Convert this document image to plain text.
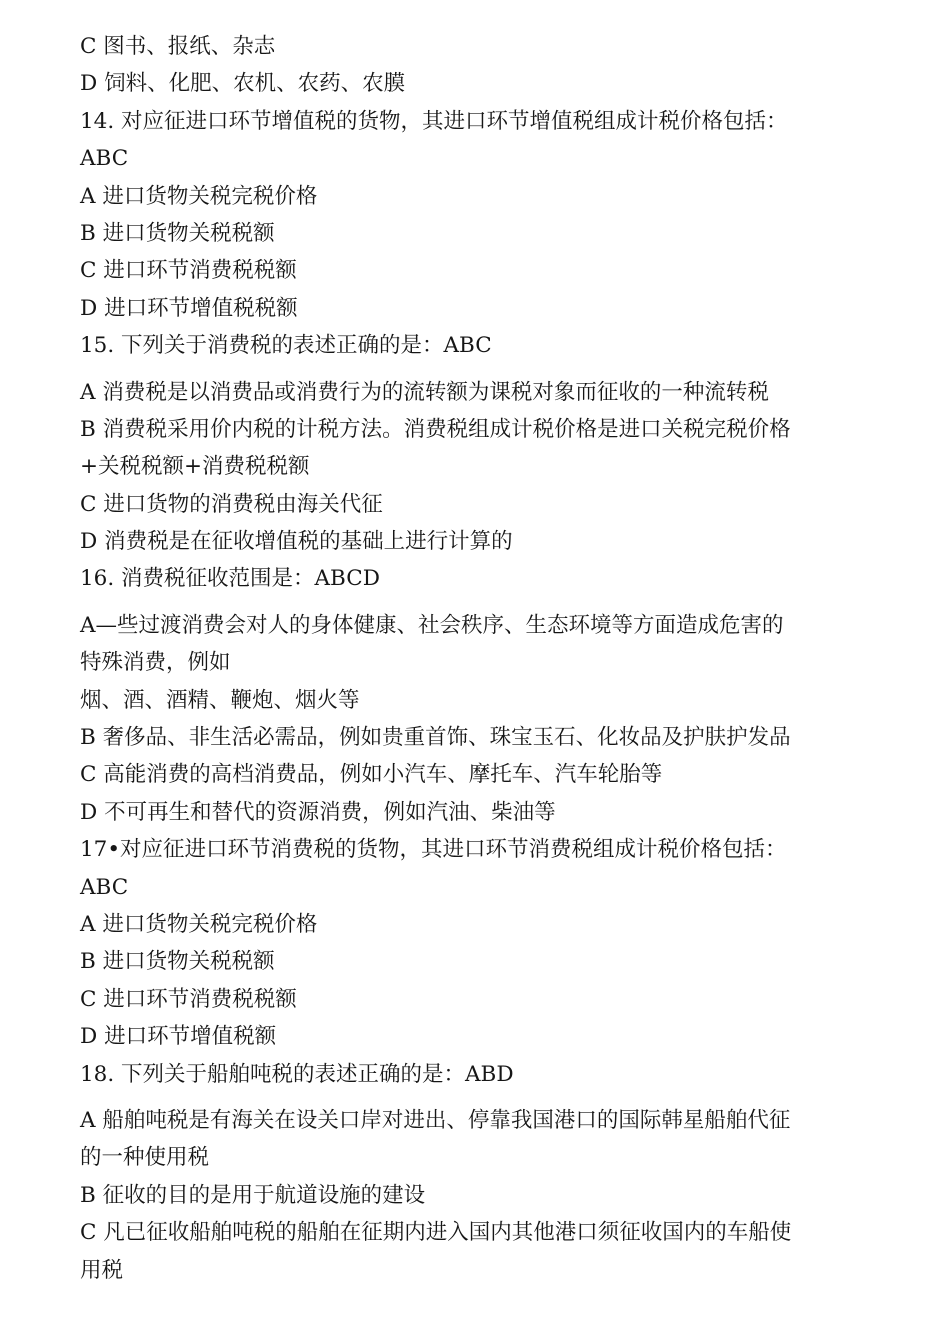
C 图书、报纸、杂志
D 饲料、化肥、农机、农药、农膜
14. 对应征进口环节增值税的货物，其进口环节增值税组成计税价格包括：
ABC
A 进口货物关税完税价格
B 进口货物关税税额
C 进口环节消费税税额
D 进口环节增值税税额
15. 下列关于消费税的表述正确的是：ABC
A 消费税是以消费品或消费行为的流转额为课税对象而征收的一种流转税
B 消费税采用价内税的计税方法。消费税组成计税价格是进口关税完税价格
+关税税额+消费税税额
C 进口货物的消费税由海关代征
D 消费税是在征收增值税的基础上进行计算的
16. 消费税征收范围是：ABCD
A—些过渡消费会对人的身体健康、社会秩序、生态环境等方面造成危害的
特殊消费，例如
烟、酒、酒精、鞭炮、烟火等
B 奢侈品、非生活必需品，例如贵重首饰、珠宝玉石、化妆品及护肤护发品
C 高能消费的高档消费品，例如小汽车、摩托车、汽车轮胎等
D 不可再生和替代的资源消费，例如汽油、柴油等
17•对应征进口环节消费税的货物，其进口环节消费税组成计税价格包括：
ABC
A 进口货物关税完税价格
B 进口货物关税税额
C 进口环节消费税税额
D 进口环节增值税额
18. 下列关于船舶吨税的表述正确的是：ABD
A 船舶吨税是有海关在设关口岸对进出、停靠我国港口的国际韩星船舶代征
的一种使用税
B 征收的目的是用于航道设施的建设
C 凡已征收船舶吨税的船舶在征期内进入国内其他港口须征收国内的车船使
用税
